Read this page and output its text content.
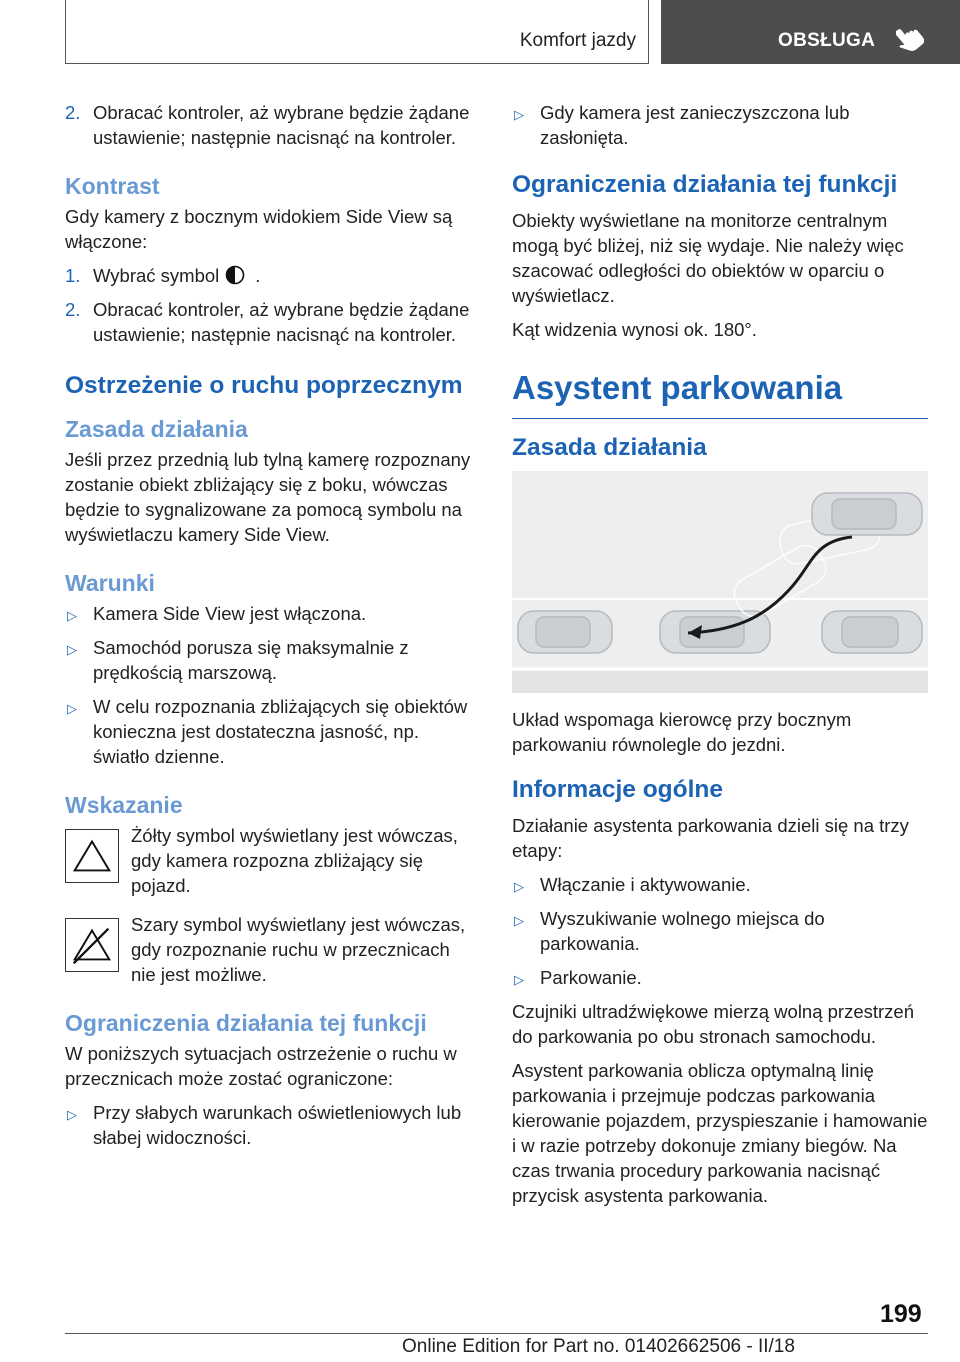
Komfort jazdy	OBSŁUGA
2. Obracać kontroler, aż wybrane będzie żądane ustawienie; następnie nacisnąć na kontroler.
Kontrast

Gdy kamery z bocznym widokiem Side View są włączone:

1. Wybrać symbol .
2. Obracać kontroler, aż wybrane będzie żądane ustawienie; następnie nacisnąć na kontroler.
Ostrzeżenie o ruchu poprzecznym
Zasada działania

Jeśli przez przednią lub tylną kamerę rozpoznany zostanie obiekt zbliżający się z boku, wówczas będzie to sygnalizowane za pomocą symbolu na wyświetlaczu kamery Side View.

Warunki
▷ Kamera Side View jest włączona.
▷ Samochód porusza się maksymalnie z prędkością marszową.
▷ W celu rozpoznania zbliżających się obiektów konieczna jest dostateczna jasność, np. światło dzienne.
Wskazanie
Żółty symbol wyświetlany jest wówczas, gdy kamera rozpozna zbliżający się pojazd.
Szary symbol wyświetlany jest wówczas, gdy rozpoznanie ruchu w przecznicach nie jest możliwe.
Ograniczenia działania tej funkcji

W poniższych sytuacjach ostrzeżenie o ruchu w przecznicach może zostać ograniczone:

▷ Przy słabych warunkach oświetleniowych lub słabej widoczności.
▷ Gdy kamera jest zanieczyszczona lub zasłonięta.
Ograniczenia działania tej funkcji

Obiekty wyświetlane na monitorze centralnym mogą być bliżej, niż się wydaje. Nie należy więc szacować odległości do obiektów w oparciu o wyświetlacz.

Kąt widzenia wynosi ok. 180°.

Asystent parkowania
Zasada działania

Układ wspomaga kierowcę przy bocznym parkowaniu równolegle do jezdni.

Informacje ogólne

Działanie asystenta parkowania dzieli się na trzy etapy:

▷ Włączanie i aktywowanie.
▷ Wyszukiwanie wolnego miejsca do parkowania.
▷ Parkowanie.

Czujniki ultradźwiękowe mierzą wolną przestrzeń do parkowania po obu stronach samochodu.

Asystent parkowania oblicza optymalną linię parkowania i przejmuje podczas parkowania kierowanie pojazdem, przyspieszanie i hamowanie i w razie potrzeby dokonuje zmiany biegów. Na czas trwania procedury parkowania nacisnąć przycisk asystenta parkowania.

199
Online Edition for Part no. 01402662506 - II/18
